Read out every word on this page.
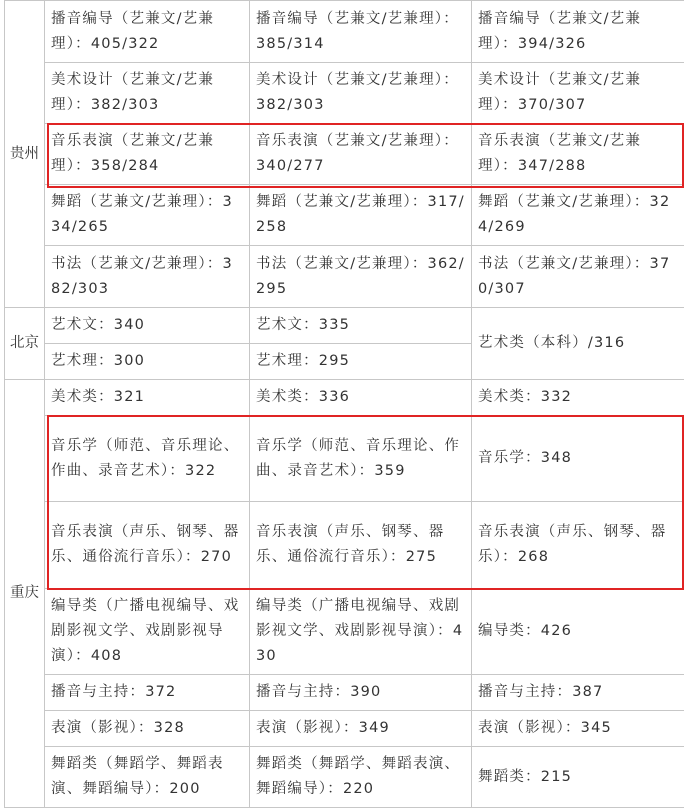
贵州	播音编导（艺兼文/艺兼理）：405/322	播音编导（艺兼文/艺兼理）：385/314	播音编导（艺兼文/艺兼理）：394/326
	美术设计（艺兼文/艺兼理）：382/303	美术设计（艺兼文/艺兼理）：382/303	美术设计（艺兼文/艺兼理）：370/307
	音乐表演（艺兼文/艺兼理）：358/284	音乐表演（艺兼文/艺兼理）：340/277	音乐表演（艺兼文/艺兼理）：347/288
	舞蹈（艺兼文/艺兼理）：334/265	舞蹈（艺兼文/艺兼理）：317/258	舞蹈（艺兼文/艺兼理）：324/269
	书法（艺兼文/艺兼理）：382/303	书法（艺兼文/艺兼理）：362/295	书法（艺兼文/艺兼理）：370/307

北京	艺术文：340	艺术文：335	艺术类（本科）/316
	艺术理：300	艺术理：295	

重庆	美术类：321	美术类：336	美术类：332
	音乐学（师范、音乐理论、作曲、录音艺术）：322	音乐学（师范、音乐理论、作曲、录音艺术）：359	音乐学：348
	音乐表演（声乐、钢琴、器乐、通俗流行音乐）：270	音乐表演（声乐、钢琴、器乐、通俗流行音乐）：275	音乐表演（声乐、钢琴、器乐）：268
	编导类（广播电视编导、戏剧影视文学、戏剧影视导演）：408	编导类（广播电视编导、戏剧影视文学、戏剧影视导演）：430	编导类：426
	播音与主持：372	播音与主持：390	播音与主持：387
	表演（影视）：328	表演（影视）：349	表演（影视）：345
	舞蹈类（舞蹈学、舞蹈表演、舞蹈编导）：200	舞蹈类（舞蹈学、舞蹈表演、舞蹈编导）：220	舞蹈类：215
